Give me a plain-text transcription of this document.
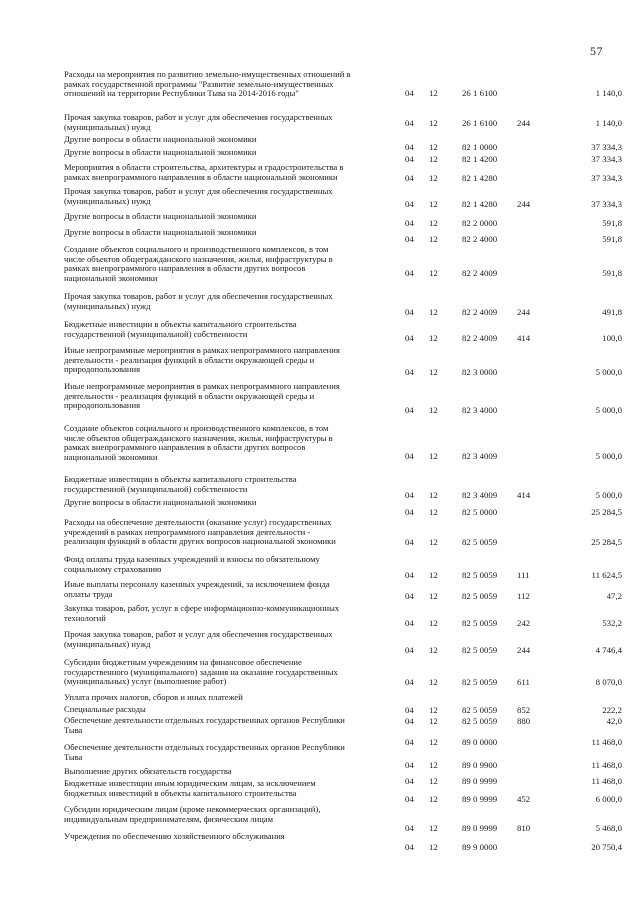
57
Расходы на мероприятия по развитию земельно-имущественных отношений в
рамках государственной программы "Развитие земельно-имущественных
отношений на территории Республики Тыва на 2014-2016 годы"	04 12	26 1 6100	1 140,0
Прочая закупка товаров, работ и услуг для обеспечения государственных
(муниципальных) нужд	04 12	26 1 6100 244	1 140,0
Другие вопросы в области национальной экономики
04 12	82 1 0000	37 334,3
Другие вопросы в области национальной экономики
04 12	82 1 4200	37 334,3
Мероприятия в области строительства, архитектуры и градостроительства в
рамках внепрограммного направления в области национальной экономики	04 12	82 1 4280	37 334,3
Прочая закупка товаров, работ и услуг для обеспечения государственных
(муниципальных) нужд	04 12	82 1 4280 244	37 334,3
Другие вопросы в области национальной экономики
04 12	82 2 0000	591,8
Другие вопросы в области национальной экономики
04 12	82 2 4000	591,8
Создание объектов социального и производственного комплексов, в том
числе объектов общегражданского назначения, жилья, инфраструктуры в
рамках внепрограммного направления в области других вопросов
национальной экономики	04 12	82 2 4009	591,8
Прочая закупка товаров, работ и услуг для обеспечения государственных
(муниципальных) нужд
04 12	82 2 4009 244	491,8
Бюджетные инвестиции в объекты капитального строительства
государственной (муниципальной) собственности	04 12	82 2 4009 414	100,0
Иные непрограммные мероприятия в рамках непрограммного направления
деятельности - реализация функций в области окружающей среды и
природопользования	04 12	82 3 0000	5 000,0
Иные непрограммные мероприятия в рамках непрограммного направления
деятельности - реализация функций в области окружающей среды и
природопользования	04 12	82 3 4000	5 000,0
Создание объектов социального и производственного комплексов, в том
числе объектов общегражданского назначения, жилья, инфраструктуры в
рамках внепрограммного направления в области других вопросов
национальной экономики	04 12	82 3 4009	5 000,0
Бюджетные инвестиции в объекты капитального строительства
государственной (муниципальной) собственности
04 12	82 3 4009 414	5 000,0
Другие вопросы в области национальной экономики
04 12	82 5 0000	25 284,5
Расходы на обеспечение деятельности (оказание услуг) государственных
учреждений в рамках непрограммного направления деятельности -
реализация функций в области других вопросов национальной экономики	04 12	82 5 0059	25 284,5
Фонд оплаты труда казенных учреждений и взносы по обязательному
социальному страхованию
04 12	82 5 0059 111	11 624,5
Иные выплаты персоналу казенных учреждений, за исключением фонда
оплаты труда	04 12	82 5 0059 112	47,2
Закупка товаров, работ, услуг в сфере информационно-коммуникационных
технологий
04 12	82 5 0059 242	532,2
Прочая закупка товаров, работ и услуг для обеспечения государственных
(муниципальных) нужд
04 12	82 5 0059 244	4 746,4
Субсидии бюджетным учреждениям на финансовое обеспечение
государственного (муниципального) задания на оказание государственных
(муниципальных) услуг (выполнение работ)	04 12	82 5 0059 611	8 070,0
Уплата прочих налогов, сборов и иных платежей
Специальные расходы	04 12	82 5 0059 852	222,2
Обеспечение деятельности отдельных государственных органов Республики
Тыва
04 12	82 5 0059 880	42,0
04 12	89 0 0000	11 468,0
Обеспечение деятельности отдельных государственных органов Республики
Тыва
04 12	89 0 9900	11 468,0
Выполнение других обязательств государства
04 12	89 0 9999	11 468,0
Бюджетные инвестиции иным юридическим лицам, за исключением
бюджетных инвестиций в объекты капитального строительства
04 12	89 0 9999 452	6 000,0
Субсидии юридическим лицам (кроме некоммерческих организаций),
индивидуальным предпринимателям, физическим лицам
04 12	89 0 9999 810	5 468,0
Учреждения по обеспечению хозяйственного обслуживания
04 12	89 9 0000	20 750,4
